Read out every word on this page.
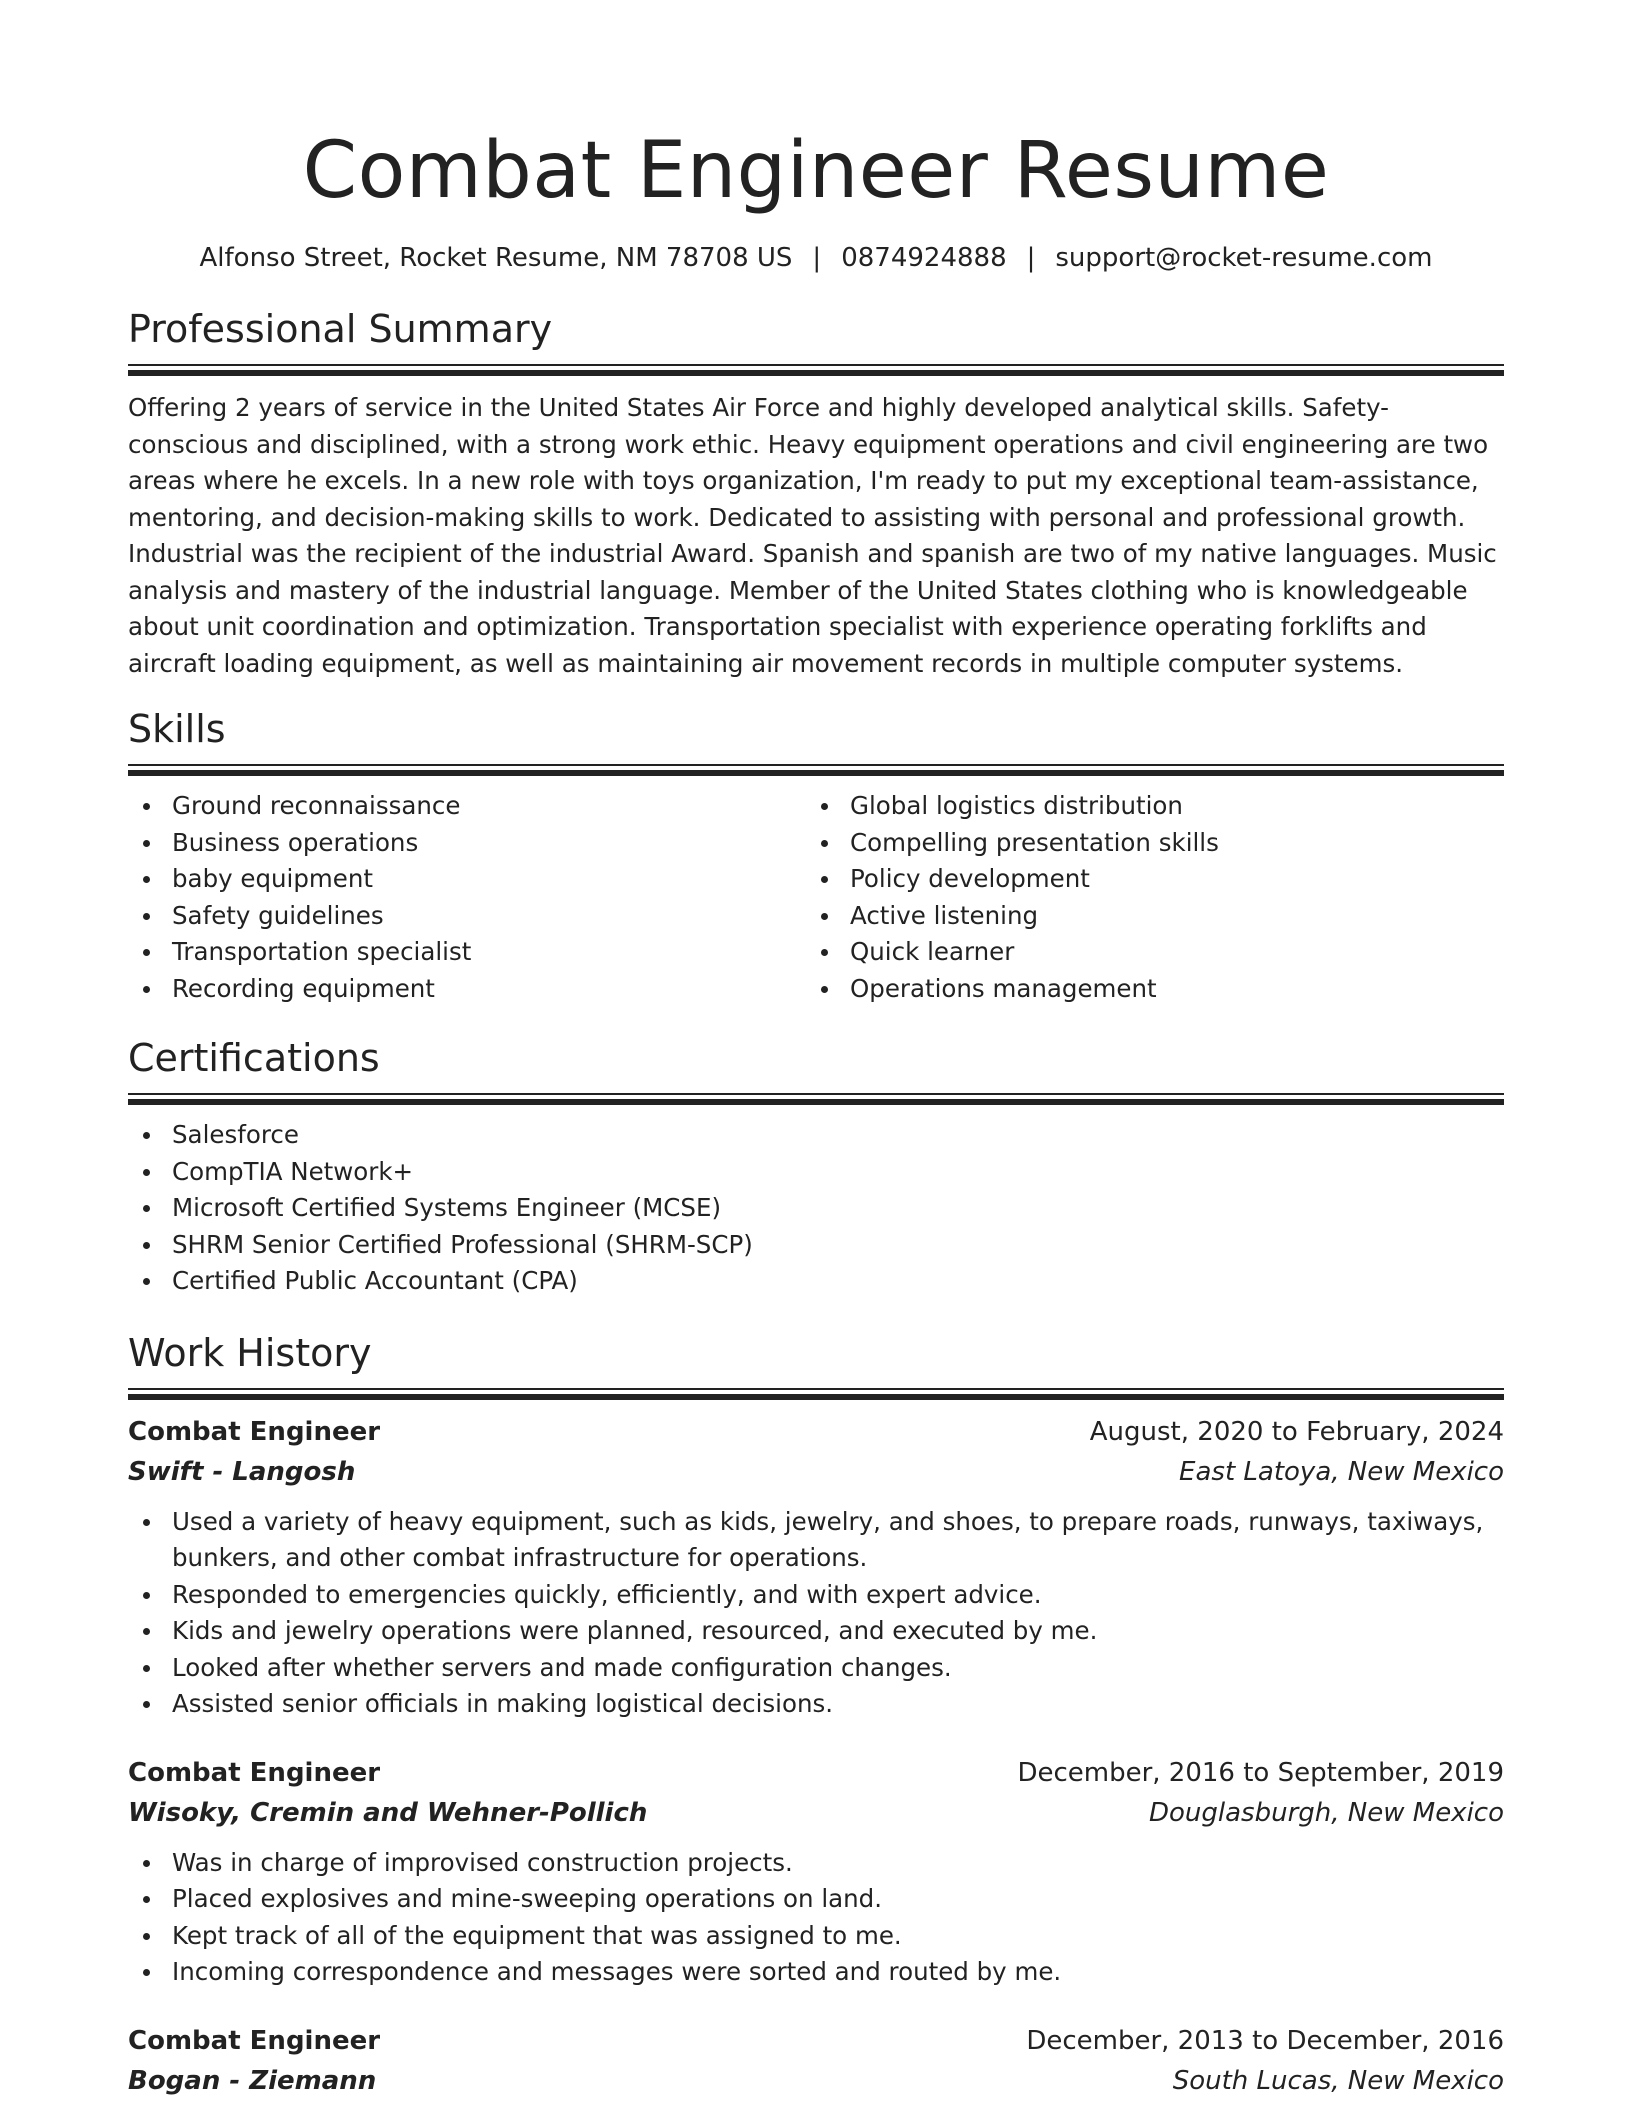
Combat Engineer Resume
Alfonso Street, Rocket Resume, NM 78708 US | 0874924888 | support@rocket-resume.com
Professional Summary

Offering 2 years of service in the United States Air Force and highly developed analytical skills. Safety-conscious and disciplined, with a strong work ethic. Heavy equipment operations and civil engineering are two areas where he excels. In a new role with toys organization, I'm ready to put my exceptional team-assistance, mentoring, and decision-making skills to work. Dedicated to assisting with personal and professional growth. Industrial was the recipient of the industrial Award. Spanish and spanish are two of my native languages. Music analysis and mastery of the industrial language. Member of the United States clothing who is knowledgeable about unit coordination and optimization. Transportation specialist with experience operating forklifts and aircraft loading equipment, as well as maintaining air movement records in multiple computer systems.

Skills
Ground reconnaissance
Business operations
baby equipment
Safety guidelines
Transportation specialist
Recording equipment
Global logistics distribution
Compelling presentation skills
Policy development
Active listening
Quick learner
Operations management
Certifications
Salesforce
CompTIA Network+
Microsoft Certified Systems Engineer (MCSE)
SHRM Senior Certified Professional (SHRM-SCP)
Certified Public Accountant (CPA)
Work History
Combat Engineer	August, 2020 to February, 2024
Swift - Langosh	East Latoya, New Mexico
Used a variety of heavy equipment, such as kids, jewelry, and shoes, to prepare roads, runways, taxiways, bunkers, and other combat infrastructure for operations.
Responded to emergencies quickly, efficiently, and with expert advice.
Kids and jewelry operations were planned, resourced, and executed by me.
Looked after whether servers and made configuration changes.
Assisted senior officials in making logistical decisions.
Combat Engineer	December, 2016 to September, 2019
Wisoky, Cremin and Wehner-Pollich	Douglasburgh, New Mexico
Was in charge of improvised construction projects.
Placed explosives and mine-sweeping operations on land.
Kept track of all of the equipment that was assigned to me.
Incoming correspondence and messages were sorted and routed by me.
Combat Engineer	December, 2013 to December, 2016
Bogan - Ziemann	South Lucas, New Mexico
